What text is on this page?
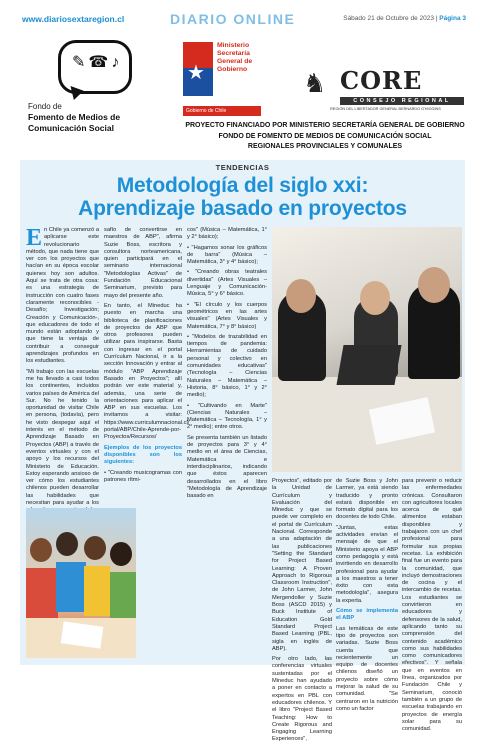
www.diariosextaregion.cl	DIARIO ONLINE	Sábado 21 de Octubre de 2023 | Página 3
✎☎♪
Fondo de
Fomento de Medios de
Comunicación Social
★
Ministerio Secretaría General de Gobierno
Gobierno de Chile
♞ CORE
CONSEJO REGIONAL
REGIÓN DEL LIBERTADOR GENERAL BERNARDO O'HIGGINS
PROYECTO FINANCIADO POR MINISTERIO SECRETARÍA GENERAL DE GOBIERNO
FONDO DE FOMENTO DE MEDIOS DE COMUNICACIÓN SOCIAL
REGIONALES PROVINCIALES Y COMUNALES
TENDENCIAS
Metodología del siglo xxi:
Aprendizaje basado en proyectos

En Chile ya comenzó a aplicarse este revolucionario método, que nada tiene que ver con los proyectos que hacían en su época escolar quienes hoy son adultos. Aquí se trata de otra cosa: es una estrategia de instrucción con cuatro fases claramente reconocibles -Desafío; Investigación; Creación y Comunicación-, que educadores de todo el mundo están adoptando y que tiene la ventaja de contribuir a conseguir aprendizajes profundos en los estudiantes.

"Mi trabajo con las escuelas me ha llevado a casi todos los continentes, incluidos varios países de América del Sur. No he tenido la oportunidad de visitar Chile en persona, (todavía), pero he visto despegar aquí el interés en el método de Aprendizaje Basado en Proyectos (ABP) a través de eventos virtuales y con el apoyo y los recursos del Ministerio de Educación. Estoy esperando ansioso de ver cómo los estudiantes chilenos pueden desarrollar las habilidades que necesitan para ayudar a los

safío de convertirse en maestros de ABP", afirma Suzie Boss, escritora y consultora norteamericana, quien participará en el seminario internacional "Metodologías Activas" de Fundación Educacional Seminarium, previsto para mayo del presente año.

En tanto, el Mineduc ha puesto en marcha una biblioteca de planificaciones de proyectos de ABP que otros profesores pueden utilizar para inspirarse. Basta con ingresar en el portal Currículum Nacional, ir a la sección Innovación y entrar al módulo "ABP Aprendizaje Basado en Proyectos"; allí podrán ver este material y, además, una serie de orientaciones para aplicar el ABP en sus escuelas. Los invitamos a visitar: https://www.curriculumnacional.cl/ portal/ABP/Chile-Aprende-por-Proyectos/Recursos/

Ejemplos de los proyectos disponibles son los siguientes:

• "Creando musicogramas con patrones rítmi-

cos" (Música – Matemática, 1° y 2° básico);

• "Hagamos sonar los gráficos de barra" (Música – Matemática, 3° y 4° básico);

• "Creando obras teatrales divertidas" (Artes Visuales – Lenguaje y Comunicación- Música, 5° y 6° básico.

• "El círculo y los cuerpos geométricos en las artes visuales" (Artes Visuales y Matemática, 7° y 8° básico)

• "Modelos de trazabilidad en tiempos de pandemia: Herramientas de cuidado personal y colectivo en comunidades educativas" (Tecnología – Ciencias Naturales – Matemática – Historia, 8° básico, 1° y 2° medio);

• "Cultivando en Marte" (Ciencias Naturales – Matemática – Tecnología, 1° y 2° medio); entre otros.

Se presenta también un listado de proyectos para 3° y 4° medio en el área de Ciencias, Matemática e interdisciplinarios, indicando que éstos aparecen desarrollados en el libro "Metodología de Aprendizaje basado en

Proyectos", editado por la Unidad de Currículum y Evaluación del Mineduc y que se puede ver completo en el portal de Currículum Nacional. Corresponde a una adaptación de las publicaciones "Setting the Standard for Project Based Learning: A Proven Approach to Rigorous Classroom Instruction", de John Larmer, John Mergendoller y Suzie Boss (ASCD 2015) y Buck Institute of Education Gold Standard Project Based Learning (PBL, sigla en inglés de ABP).

Por otro lado, las conferencias virtuales sustentadas por el Mineduc han ayudado a poner en contacto a expertos en PBL con educadores chilenos. Y el libro "Project Based Teaching: How to Create Rigorous and Engaging Learning Experiences",

de Suzie Boss y John Larmer, ya está siendo traducido y pronto estará disponible en formato digital para los docentes de todo Chile.

"Juntas, estas actividades envían el mensaje de que el Ministerio apoya el ABP como pedagogía y está invirtiendo en desarrollo profesional para ayudar a los maestros a tener éxito con esta metodología", asegura la experta.

Cómo se implementa el ABP

Las temáticas de este tipo de proyectos son variadas. Suzie Boss cuenta que recientemente un equipo de docentes chilenos diseñó un proyecto sobre cómo mejorar la salud de su comunidad. "Se centraron en la nutrición como un factor

para prevenir o reducir las enfermedades crónicas. Consultaron con agricultores locales acerca de qué alimentos estaban disponibles y trabajaron con un chef profesional para formular sus propias recetas. La exhibición final fue un evento para la comunidad, que incluyó demostraciones de cocina y el intercambio de recetas. Los estudiantes se convirtieron en educadores y defensores de la salud, aplicando tanto su comprensión del contenido académico como sus habilidades como comunicadores efectivos". Y señala que en eventos en línea, organizados por Fundación Chile y Seminarium, conoció también a un grupo de escuelas trabajando en proyectos de energía solar para su comunidad.
